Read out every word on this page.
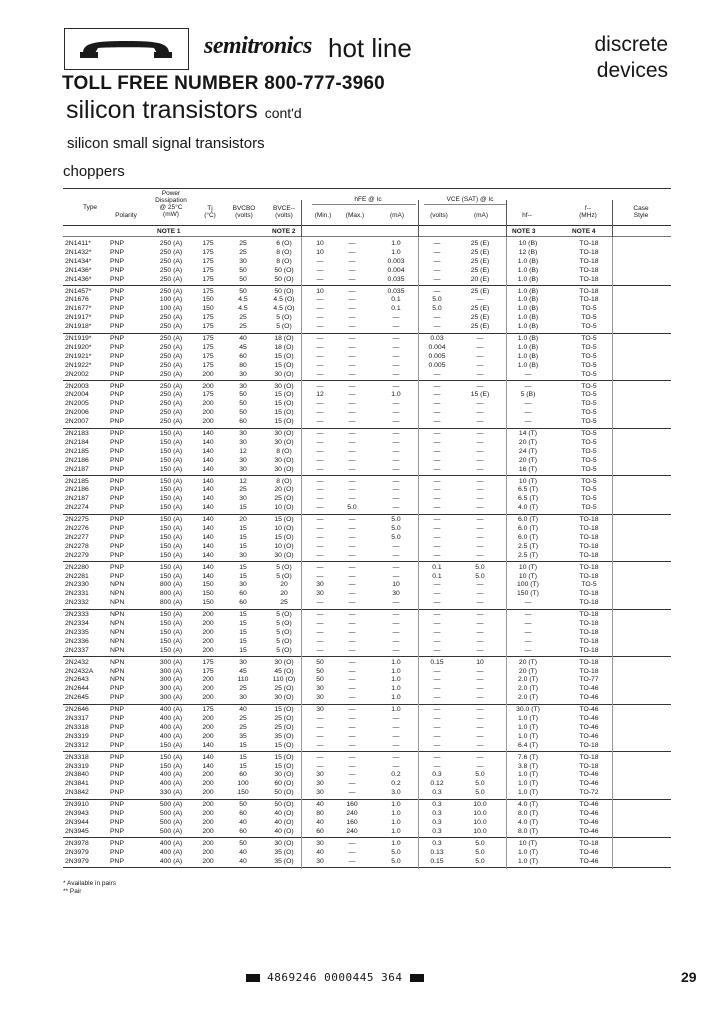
semitronics hot line
TOLL FREE NUMBER 800-777-3960
discrete
devices
silicon transistors cont'd
silicon small signal transistors
choppers
Type
Polarity
Power
Dissipation
@ 25°C
(mW)
Tj
(°C)
BVCBO
(volts)
BVCE--
(volts)
hFE @ Ic
(Min.)	(Max.)	(mA)
VCE (SAT) @ Ic
(volts)	(mA)	hf--
f--
(MHz)
Case
Style
NOTE 1	NOTE 2	NOTE 3	NOTE 4
2N1411*	PNP	250 (A)	175	25	6 (O)	10	—	1.0	—	25 (E)	10 (B)	TO-18
2N1432*	PNP	250 (A)	175	25	8 (O)	10	—	1.0	—	25 (E)	12 (B)	TO-18
2N1434*	PNP	250 (A)	175	30	8 (O)	—	—	0.003	—	25 (E)	1.0 (B)	TO-18
2N1436*	PNP	250 (A)	175	50	50 (O)	—	—	0.004	—	25 (E)	1.0 (B)	TO-18
2N1436*	PNP	250 (A)	175	50	50 (O)	—	—	0.035	—	20 (E)	1.0 (B)	TO-18
2N1457*	PNP	250 (A)	175	50	50 (O)	10	—	0.035	—	25 (E)	1.0 (B)	TO-18
2N1676	PNP	100 (A)	150	4.5	4.5 (O)	—	—	0.1	5.0	—	1.0 (B)	TO-18
2N1677*	PNP	100 (A)	150	4.5	4.5 (O)	—	—	0.1	5.0	25 (E)	1.0 (B)	TO-5
2N1917*	PNP	250 (A)	175	25	5 (O)	—	—	—	—	25 (E)	1.0 (B)	TO-5
2N1918*	PNP	250 (A)	175	25	5 (O)	—	—	—	—	25 (E)	1.0 (B)	TO-5
2N1919*	PNP	250 (A)	175	40	18 (O)	—	—	—	0.03	—	1.0 (B)	TO-5
2N1920*	PNP	250 (A)	175	45	18 (O)	—	—	—	0.004	—	1.0 (B)	TO-5
2N1921*	PNP	250 (A)	175	60	15 (O)	—	—	—	0.005	—	1.0 (B)	TO-5
2N1922*	PNP	250 (A)	175	80	15 (O)	—	—	—	0.005	—	1.0 (B)	TO-5
2N2002	PNP	250 (A)	200	30	30 (O)	—	—	—	—	—	—	TO-5
2N2003	PNP	250 (A)	200	30	30 (O)	—	—	—	—	—	—	TO-5
2N2004	PNP	250 (A)	175	50	15 (O)	12	—	1.0	—	15 (E)	5 (B)	TO-5
2N2005	PNP	250 (A)	200	50	15 (O)	—	—	—	—	—	—	TO-5
2N2006	PNP	250 (A)	200	50	15 (O)	—	—	—	—	—	—	TO-5
2N2007	PNP	250 (A)	200	60	15 (O)	—	—	—	—	—	—	TO-5
2N2183	PNP	150 (A)	140	30	30 (O)	—	—	—	—	—	14 (T)	TO-5
2N2184	PNP	150 (A)	140	30	30 (O)	—	—	—	—	—	20 (T)	TO-5
2N2185	PNP	150 (A)	140	12	8 (O)	—	—	—	—	—	24 (T)	TO-5
2N2186	PNP	150 (A)	140	30	30 (O)	—	—	—	—	—	20 (T)	TO-5
2N2187	PNP	150 (A)	140	30	30 (O)	—	—	—	—	—	16 (T)	TO-5
2N2185	PNP	150 (A)	140	12	8 (O)	—	—	—	—	—	10 (T)	TO-5
2N2186	PNP	150 (A)	140	25	20 (O)	—	—	—	—	—	6.5 (T)	TO-5
2N2187	PNP	150 (A)	140	30	25 (O)	—	—	—	—	—	6.5 (T)	TO-5
2N2274	PNP	150 (A)	140	15	10 (O)	—	5.0	—	—	—	4.0 (T)	TO-5
2N2275	PNP	150 (A)	140	20	15 (O)	—	—	5.0	—	—	6.0 (T)	TO-18
2N2276	PNP	150 (A)	140	15	10 (O)	—	—	5.0	—	—	6.0 (T)	TO-18
2N2277	PNP	150 (A)	140	15	15 (O)	—	—	5.0	—	—	6.0 (T)	TO-18
2N2278	PNP	150 (A)	140	15	10 (O)	—	—	—	—	—	2.5 (T)	TO-18
2N2279	PNP	150 (A)	140	30	30 (O)	—	—	—	—	—	2.5 (T)	TO-18
2N2280	PNP	150 (A)	140	15	5 (O)	—	—	—	0.1	5.0	10 (T)	TO-18
2N2281	PNP	150 (A)	140	15	5 (O)	—	—	—	0.1	5.0	10 (T)	TO-18
2N2330	NPN	800 (A)	150	30	20	30	—	10	—	—	100 (T)	TO-5
2N2331	NPN	800 (A)	150	60	20	30	—	30	—	—	150 (T)	TO-18
2N2332	NPN	800 (A)	150	60	25	—	—	—	—	—	—	TO-18
2N2333	NPN	150 (A)	200	15	5 (O)	—	—	—	—	—	—	TO-18
2N2334	NPN	150 (A)	200	15	5 (O)	—	—	—	—	—	—	TO-18
2N2335	NPN	150 (A)	200	15	5 (O)	—	—	—	—	—	—	TO-18
2N2336	NPN	150 (A)	200	15	5 (O)	—	—	—	—	—	—	TO-18
2N2337	NPN	150 (A)	200	15	5 (O)	—	—	—	—	—	—	TO-18
2N2432	NPN	300 (A)	175	30	30 (O)	50	—	1.0	0.15	10	20 (T)	TO-18
2N2432A	NPN	300 (A)	175	45	45 (O)	50	—	1.0	—	—	20 (T)	TO-18
2N2643	NPN	300 (A)	200	110	110 (O)	50	—	1.0	—	—	2.0 (T)	TO-77
2N2644	PNP	300 (A)	200	25	25 (O)	30	—	1.0	—	—	2.0 (T)	TO-46
2N2645	PNP	300 (A)	200	30	30 (O)	30	—	1.0	—	—	2.0 (T)	TO-46
2N2646	PNP	400 (A)	175	40	15 (O)	30	—	1.0	—	—	30.0 (T)	TO-46
2N3317	PNP	400 (A)	200	25	25 (O)	—	—	—	—	—	1.0 (T)	TO-46
2N3318	PNP	400 (A)	200	25	25 (O)	—	—	—	—	—	1.0 (T)	TO-46
2N3319	PNP	400 (A)	200	35	35 (O)	—	—	—	—	—	1.0 (T)	TO-46
2N3312	PNP	150 (A)	140	15	15 (O)	—	—	—	—	—	6.4 (T)	TO-18
2N3318	PNP	150 (A)	140	15	15 (O)	—	—	—	—	—	7.6 (T)	TO-18
2N3319	PNP	150 (A)	140	15	15 (O)	—	—	—	—	—	3.8 (T)	TO-18
2N3840	PNP	400 (A)	200	60	30 (O)	30	—	0.2	0.3	5.0	1.0 (T)	TO-46
2N3841	PNP	400 (A)	200	100	60 (O)	30	—	0.2	0.12	5.0	1.0 (T)	TO-46
2N3842	PNP	330 (A)	200	150	50 (O)	30	—	3.0	0.3	5.0	1.0 (T)	TO-72
2N3910	PNP	500 (A)	200	50	50 (O)	40	160	1.0	0.3	10.0	4.0 (T)	TO-46
2N3943	PNP	500 (A)	200	60	40 (O)	80	240	1.0	0.3	10.0	8.0 (T)	TO-46
2N3944	PNP	500 (A)	200	40	40 (O)	40	160	1.0	0.3	10.0	4.0 (T)	TO-46
2N3945	PNP	500 (A)	200	60	40 (O)	60	240	1.0	0.3	10.0	8.0 (T)	TO-46
2N3978	PNP	400 (A)	200	50	30 (O)	30	—	1.0	0.3	5.0	10 (T)	TO-18
2N3979	PNP	400 (A)	200	40	35 (O)	40	—	5.0	0.13	5.0	1.0 (T)	TO-46
2N3979	PNP	400 (A)	200	40	35 (O)	30	—	5.0	0.15	5.0	1.0 (T)	TO-46
* Available in pairs
** Pair
4869246 0000445 364	29
